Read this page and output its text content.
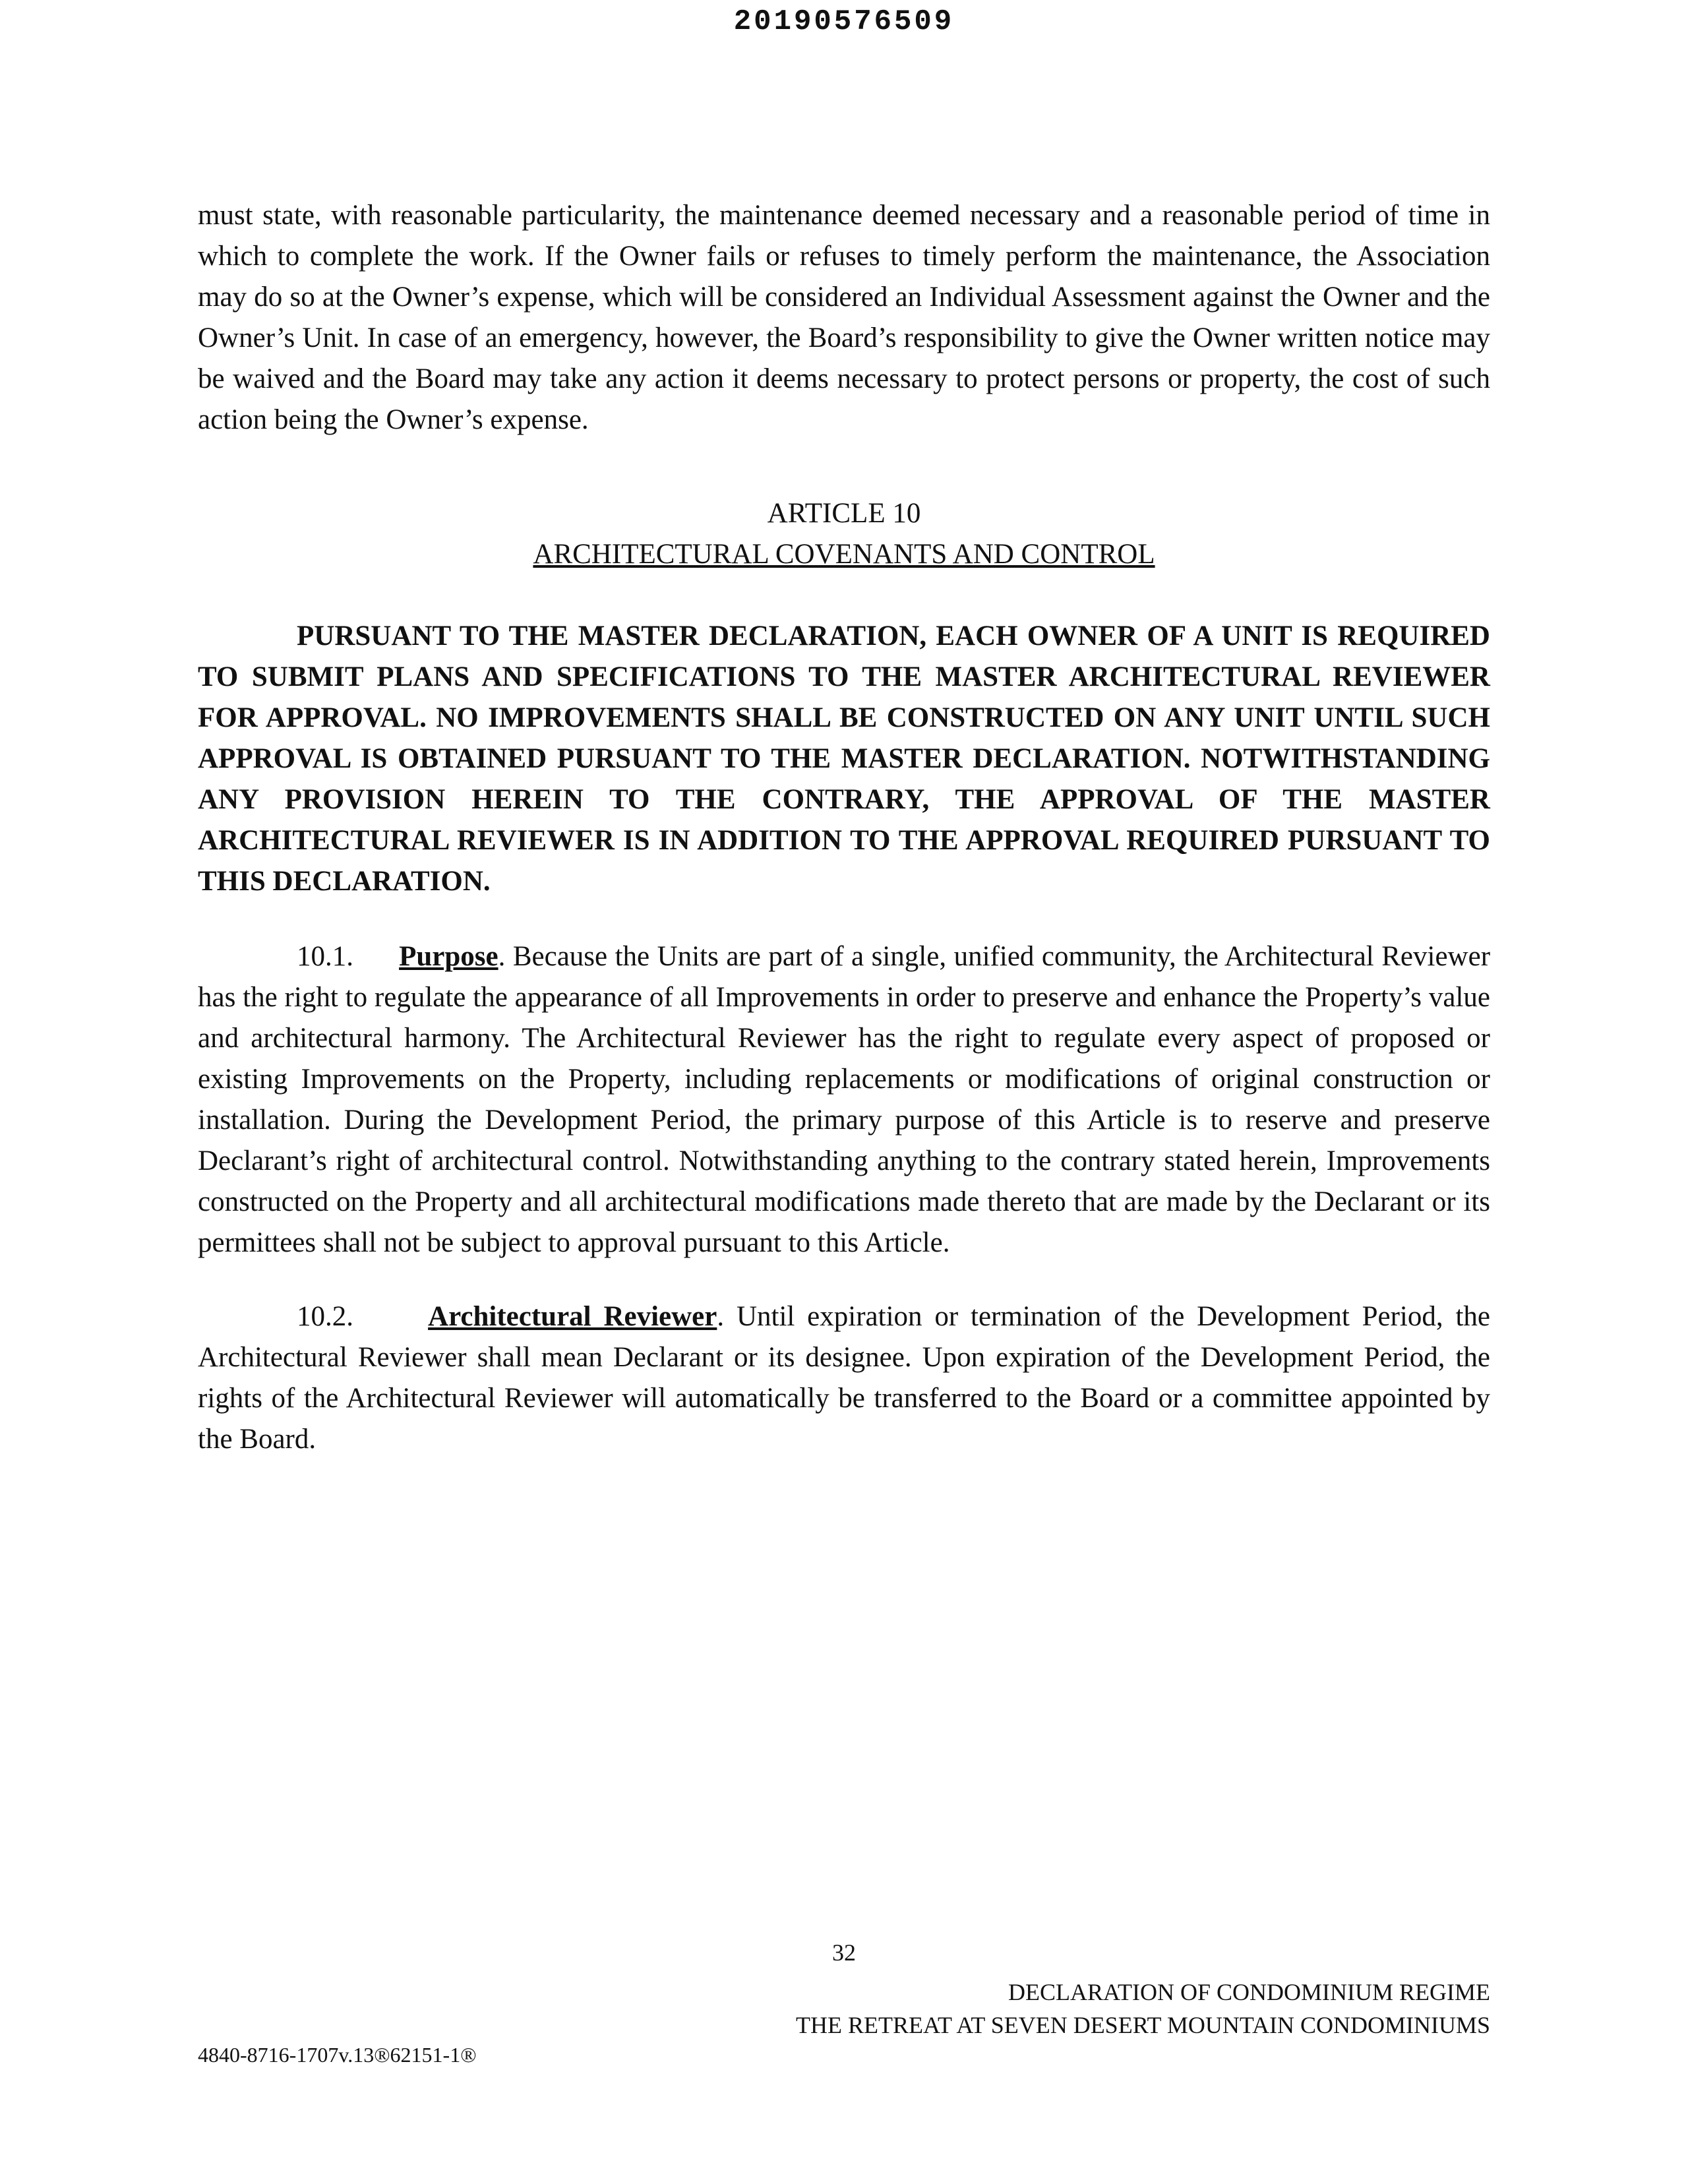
20190576509

must state, with reasonable particularity, the maintenance deemed necessary and a reasonable period of time in which to complete the work. If the Owner fails or refuses to timely perform the maintenance, the Association may do so at the Owner’s expense, which will be considered an Individual Assessment against the Owner and the Owner’s Unit. In case of an emergency, however, the Board’s responsibility to give the Owner written notice may be waived and the Board may take any action it deems necessary to protect persons or property, the cost of such action being the Owner’s expense.

ARTICLE 10
ARCHITECTURAL COVENANTS AND CONTROL

PURSUANT TO THE MASTER DECLARATION, EACH OWNER OF A UNIT IS REQUIRED TO SUBMIT PLANS AND SPECIFICATIONS TO THE MASTER ARCHITECTURAL REVIEWER FOR APPROVAL. NO IMPROVEMENTS SHALL BE CONSTRUCTED ON ANY UNIT UNTIL SUCH APPROVAL IS OBTAINED PURSUANT TO THE MASTER DECLARATION. NOTWITHSTANDING ANY PROVISION HEREIN TO THE CONTRARY, THE APPROVAL OF THE MASTER ARCHITECTURAL REVIEWER IS IN ADDITION TO THE APPROVAL REQUIRED PURSUANT TO THIS DECLARATION.

10.1. Purpose. Because the Units are part of a single, unified community, the Architectural Reviewer has the right to regulate the appearance of all Improvements in order to preserve and enhance the Property’s value and architectural harmony. The Architectural Reviewer has the right to regulate every aspect of proposed or existing Improvements on the Property, including replacements or modifications of original construction or installation. During the Development Period, the primary purpose of this Article is to reserve and preserve Declarant’s right of architectural control. Notwithstanding anything to the contrary stated herein, Improvements constructed on the Property and all architectural modifications made thereto that are made by the Declarant or its permittees shall not be subject to approval pursuant to this Article.

10.2.	Architectural Reviewer. Until expiration or termination of the Development Period, the Architectural Reviewer shall mean Declarant or its designee. Upon expiration of the Development Period, the rights of the Architectural Reviewer will automatically be transferred to the Board or a committee appointed by the Board.

32
DECLARATION OF CONDOMINIUM REGIME
THE RETREAT AT SEVEN DESERT MOUNTAIN CONDOMINIUMS
4840-8716-1707v.13®62151-1®
